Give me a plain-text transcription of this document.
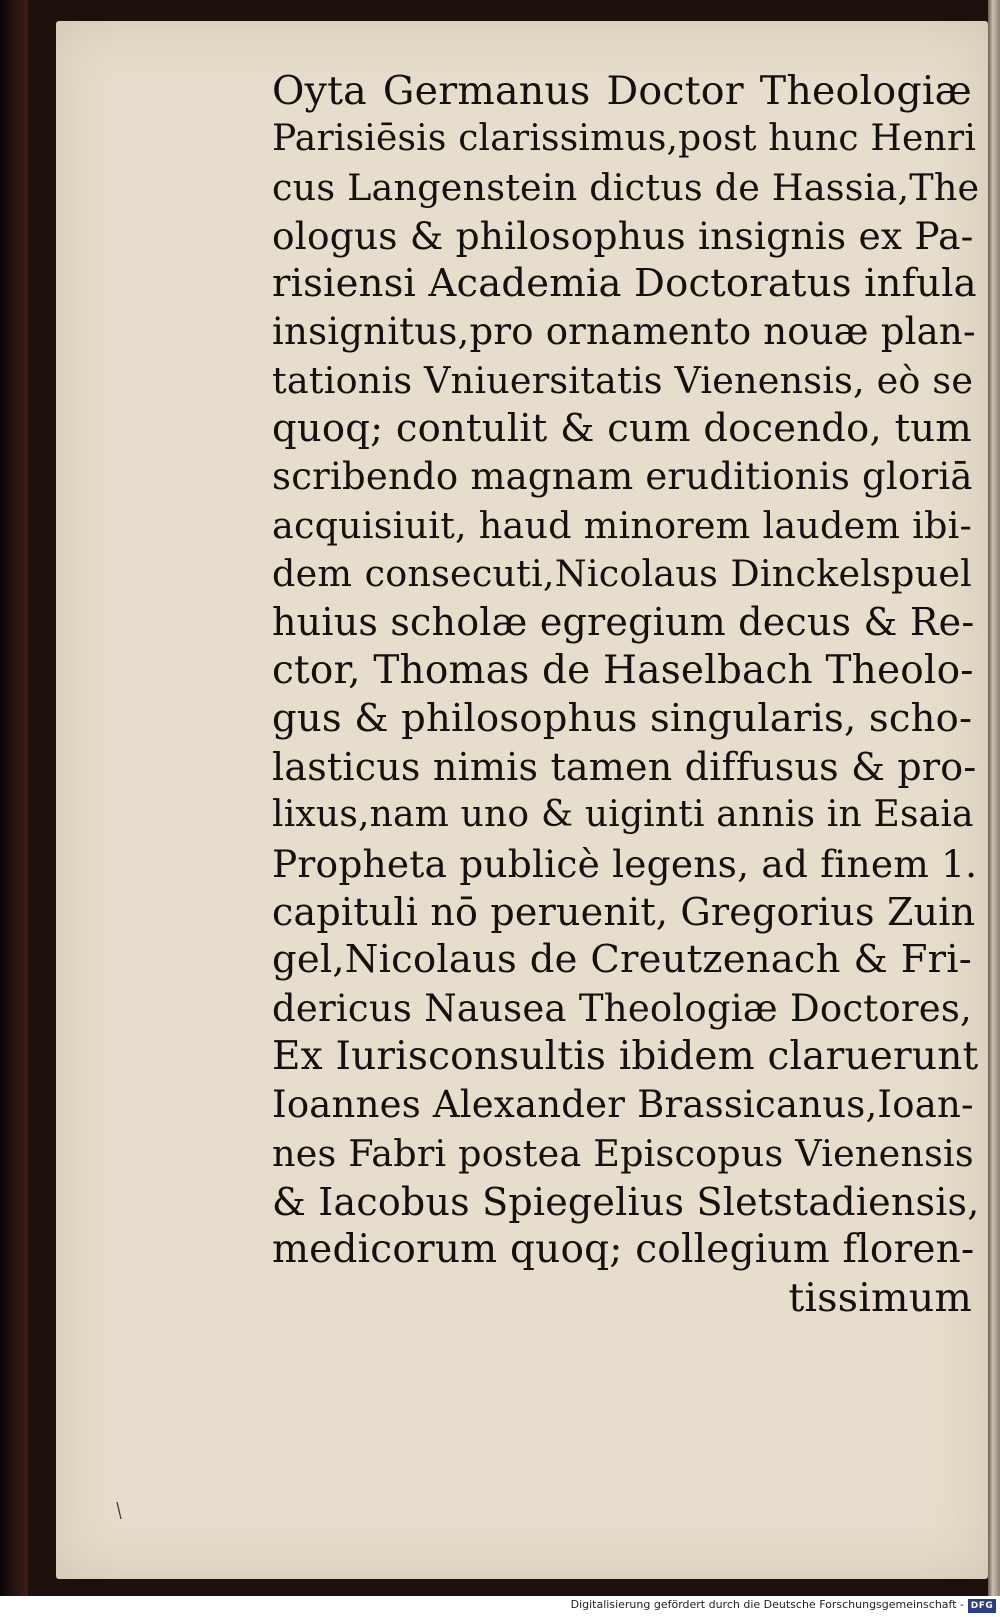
Oyta Germanus Doctor Theologiæ
Parisiēsis clarissimus,post hunc Henri
cus Langenstein dictus de Hassia,The
ologus & philosophus insignis ex Pa-
risiensi Academia Doctoratus infula
insignitus,pro ornamento nouæ plan-
tationis Vniuersitatis Vienensis, eò se
quoq; contulit & cum docendo, tum
scribendo magnam eruditionis gloriā
acquisiuit, haud minorem laudem ibi-
dem consecuti,Nicolaus Dinckelspuel
huius scholæ egregium decus & Re-
ctor, Thomas de Haselbach Theolo-
gus & philosophus singularis, scho-
lasticus nimis tamen diffusus & pro-
lixus,nam uno & uiginti annis in Esaia
Propheta publicè legens, ad finem 1.
capituli nō peruenit, Gregorius Zuin
gel,Nicolaus de Creutzenach & Fri-
dericus Nausea Theologiæ Doctores,
Ex Iurisconsultis ibidem claruerunt
Ioannes Alexander Brassicanus,Ioan-
nes Fabri postea Episcopus Vienensis
& Iacobus Spiegelius Sletstadiensis,
medicorum quoq; collegium floren-
tissimum
Digitalisierung gefördert durch die Deutsche Forschungsgemeinschaft - DFG
